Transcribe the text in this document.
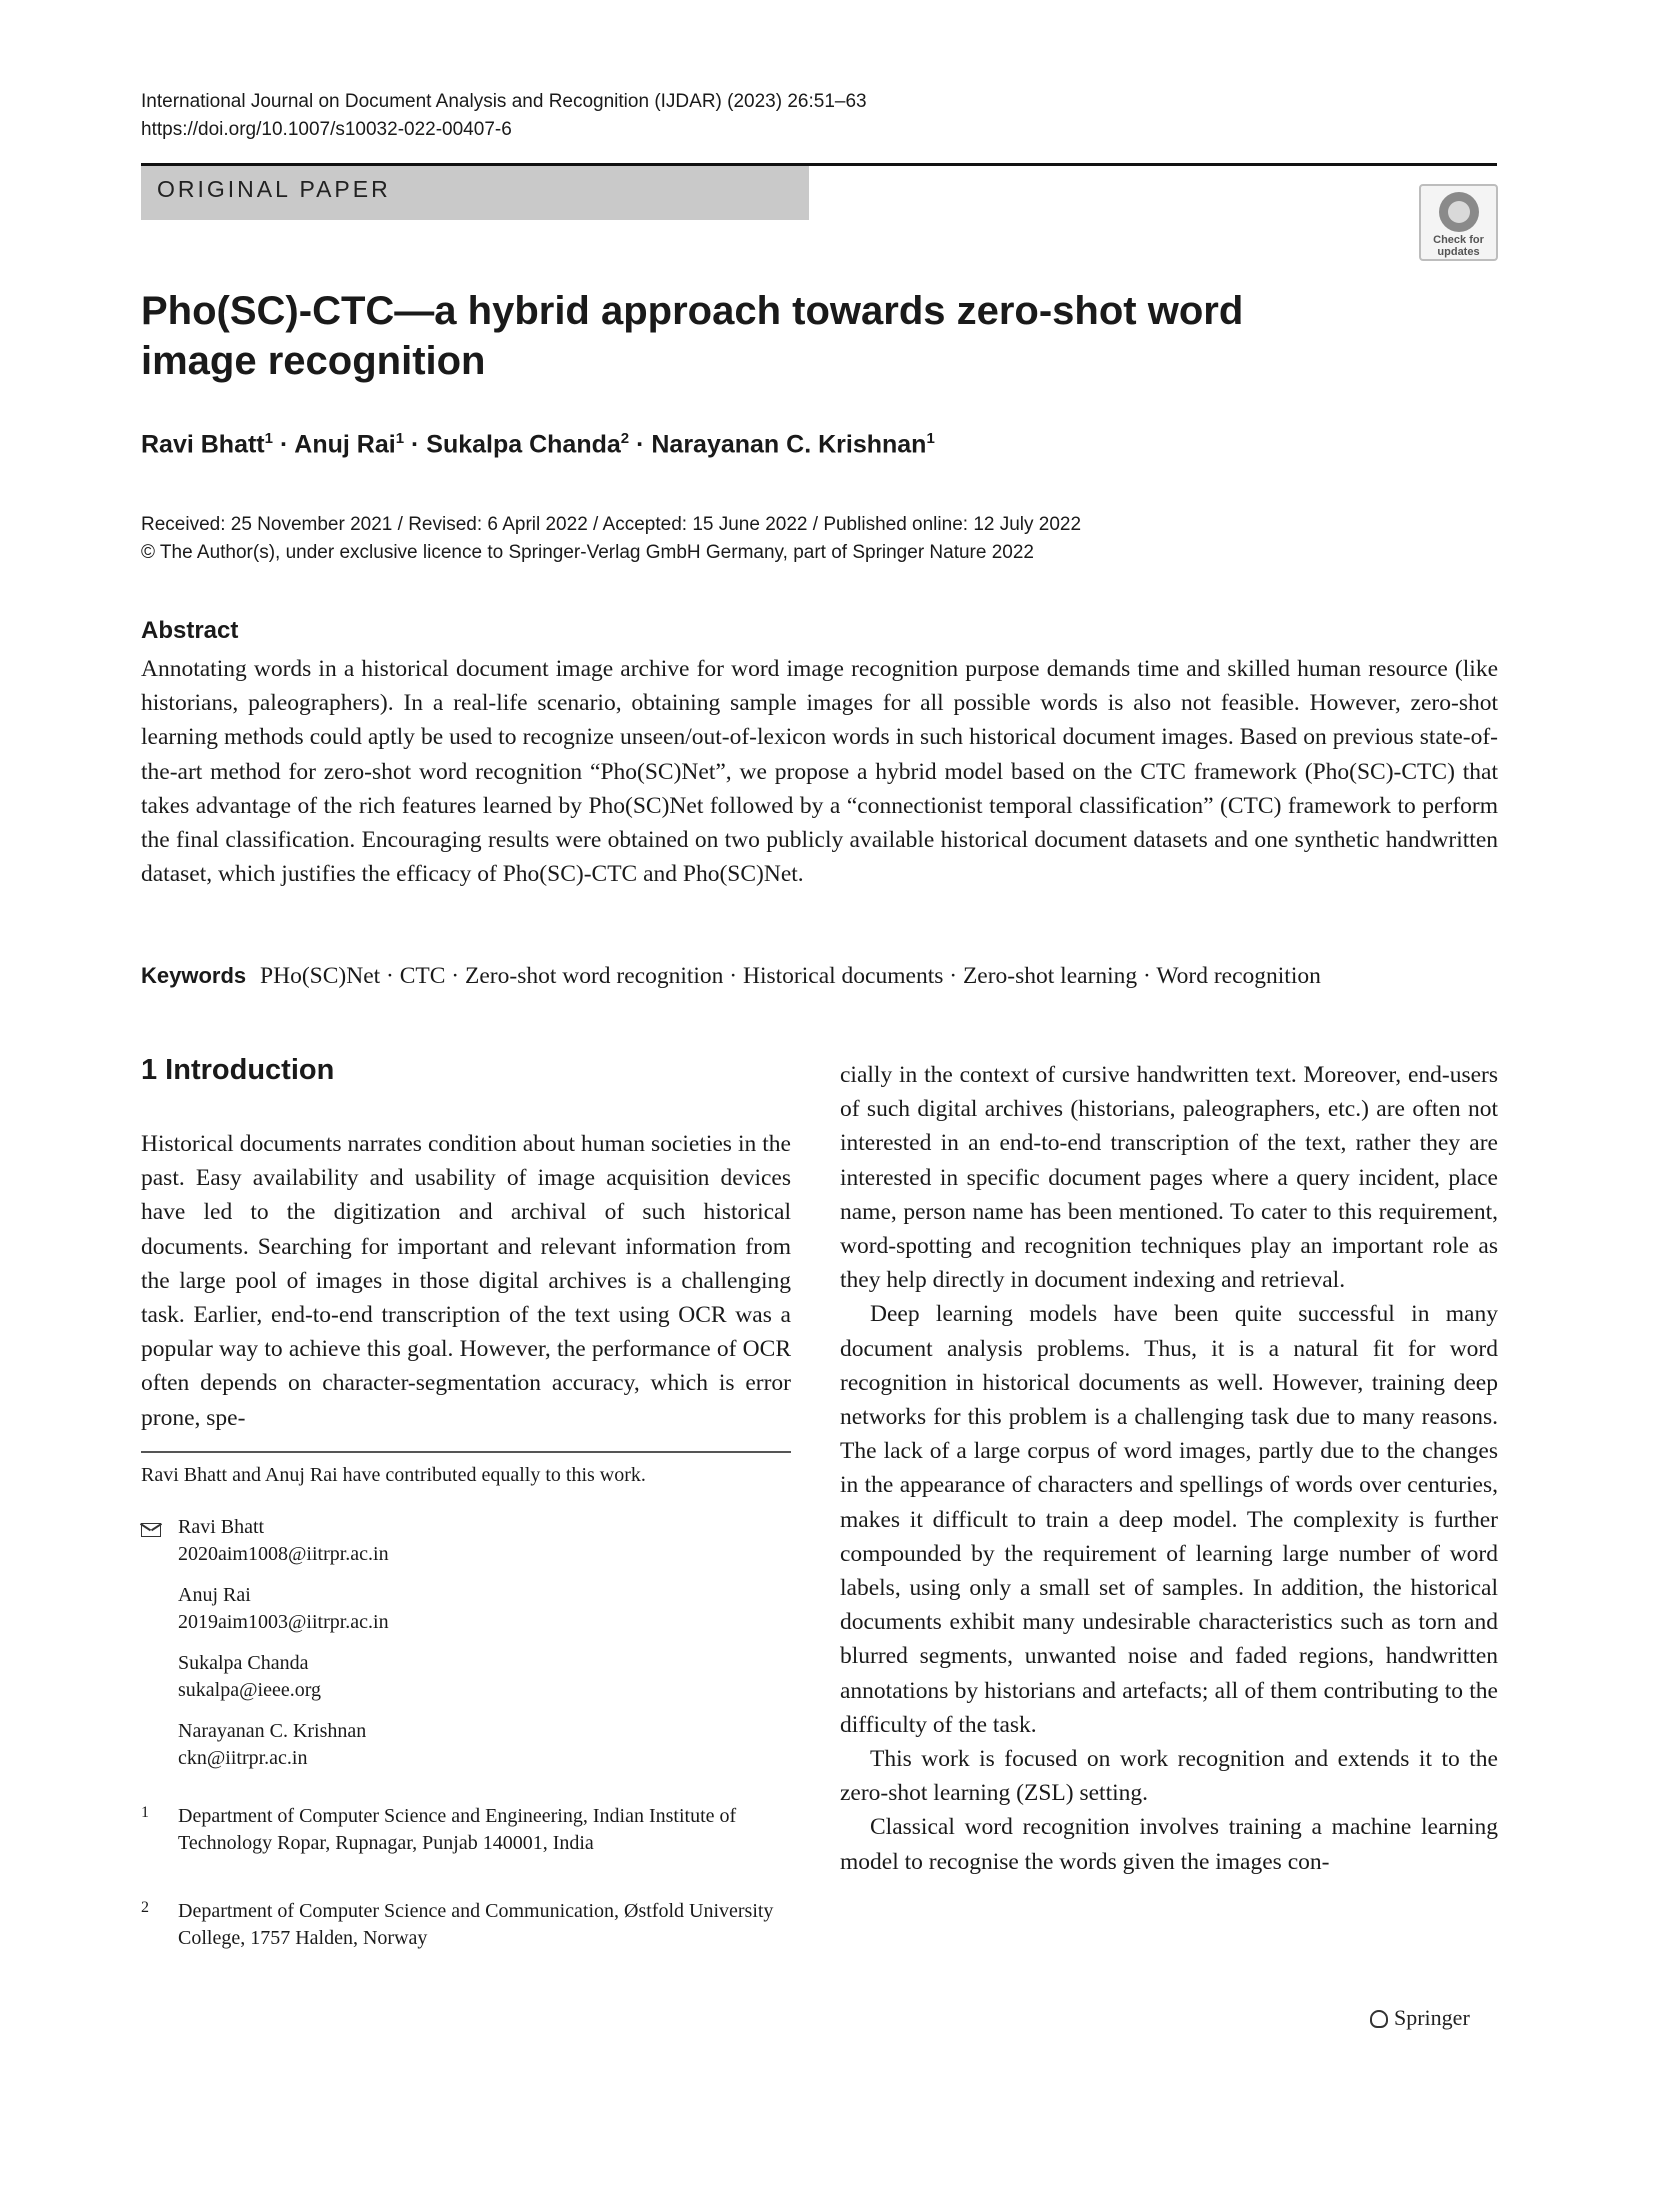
International Journal on Document Analysis and Recognition (IJDAR) (2023) 26:51–63
https://doi.org/10.1007/s10032-022-00407-6
ORIGINAL PAPER
Check for
updates
Pho(SC)-CTC—a hybrid approach towards zero-shot word image recognition
Ravi Bhatt$^1$ · Anuj Rai$^1$ · Sukalpa Chanda$^2$ · Narayanan C. Krishnan$^1$
Received: 25 November 2021 / Revised: 6 April 2022 / Accepted: 15 June 2022 / Published online: 12 July 2022
© The Author(s), under exclusive licence to Springer-Verlag GmbH Germany, part of Springer Nature 2022
Abstract
Annotating words in a historical document image archive for word image recognition purpose demands time and skilled human resource (like historians, paleographers). In a real-life scenario, obtaining sample images for all possible words is also not feasible. However, zero-shot learning methods could aptly be used to recognize unseen/out-of-lexicon words in such historical document images. Based on previous state-of-the-art method for zero-shot word recognition “Pho(SC)Net”, we propose a hybrid model based on the CTC framework (Pho(SC)-CTC) that takes advantage of the rich features learned by Pho(SC)Net followed by a “connectionist temporal classification” (CTC) framework to perform the final classification. Encouraging results were obtained on two publicly available historical document datasets and one synthetic handwritten dataset, which justifies the efficacy of Pho(SC)-CTC and Pho(SC)Net.
Keywords PHo(SC)Net · CTC · Zero-shot word recognition · Historical documents · Zero-shot learning · Word recognition
1 Introduction

Historical documents narrates condition about human societies in the past. Easy availability and usability of image acquisition devices have led to the digitization and archival of such historical documents. Searching for important and relevant information from the large pool of images in those digital archives is a challenging task. Earlier, end-to-end transcription of the text using OCR was a popular way to achieve this goal. However, the performance of OCR often depends on character-segmentation accuracy, which is error prone, spe-

cially in the context of cursive handwritten text. Moreover, end-users of such digital archives (historians, paleographers, etc.) are often not interested in an end-to-end transcription of the text, rather they are interested in specific document pages where a query incident, place name, person name has been mentioned. To cater to this requirement, word-spotting and recognition techniques play an important role as they help directly in document indexing and retrieval.

Deep learning models have been quite successful in many document analysis problems. Thus, it is a natural fit for word recognition in historical documents as well. However, training deep networks for this problem is a challenging task due to many reasons. The lack of a large corpus of word images, partly due to the changes in the appearance of characters and spellings of words over centuries, makes it difficult to train a deep model. The complexity is further compounded by the requirement of learning large number of word labels, using only a small set of samples. In addition, the historical documents exhibit many undesirable characteristics such as torn and blurred segments, unwanted noise and faded regions, handwritten annotations by historians and artefacts; all of them contributing to the difficulty of the task.

This work is focused on work recognition and extends it to the zero-shot learning (ZSL) setting.

Classical word recognition involves training a machine learning model to recognise the words given the images con-

Ravi Bhatt and Anuj Rai have contributed equally to this work.
Ravi Bhatt
2020aim1008@iitrpr.ac.in
Anuj Rai
2019aim1003@iitrpr.ac.in
Sukalpa Chanda
sukalpa@ieee.org
Narayanan C. Krishnan
ckn@iitrpr.ac.in
1 Department of Computer Science and Engineering, Indian Institute of Technology Ropar, Rupnagar, Punjab 140001, India
2 Department of Computer Science and Communication, Østfold University College, 1757 Halden, Norway
Springer
